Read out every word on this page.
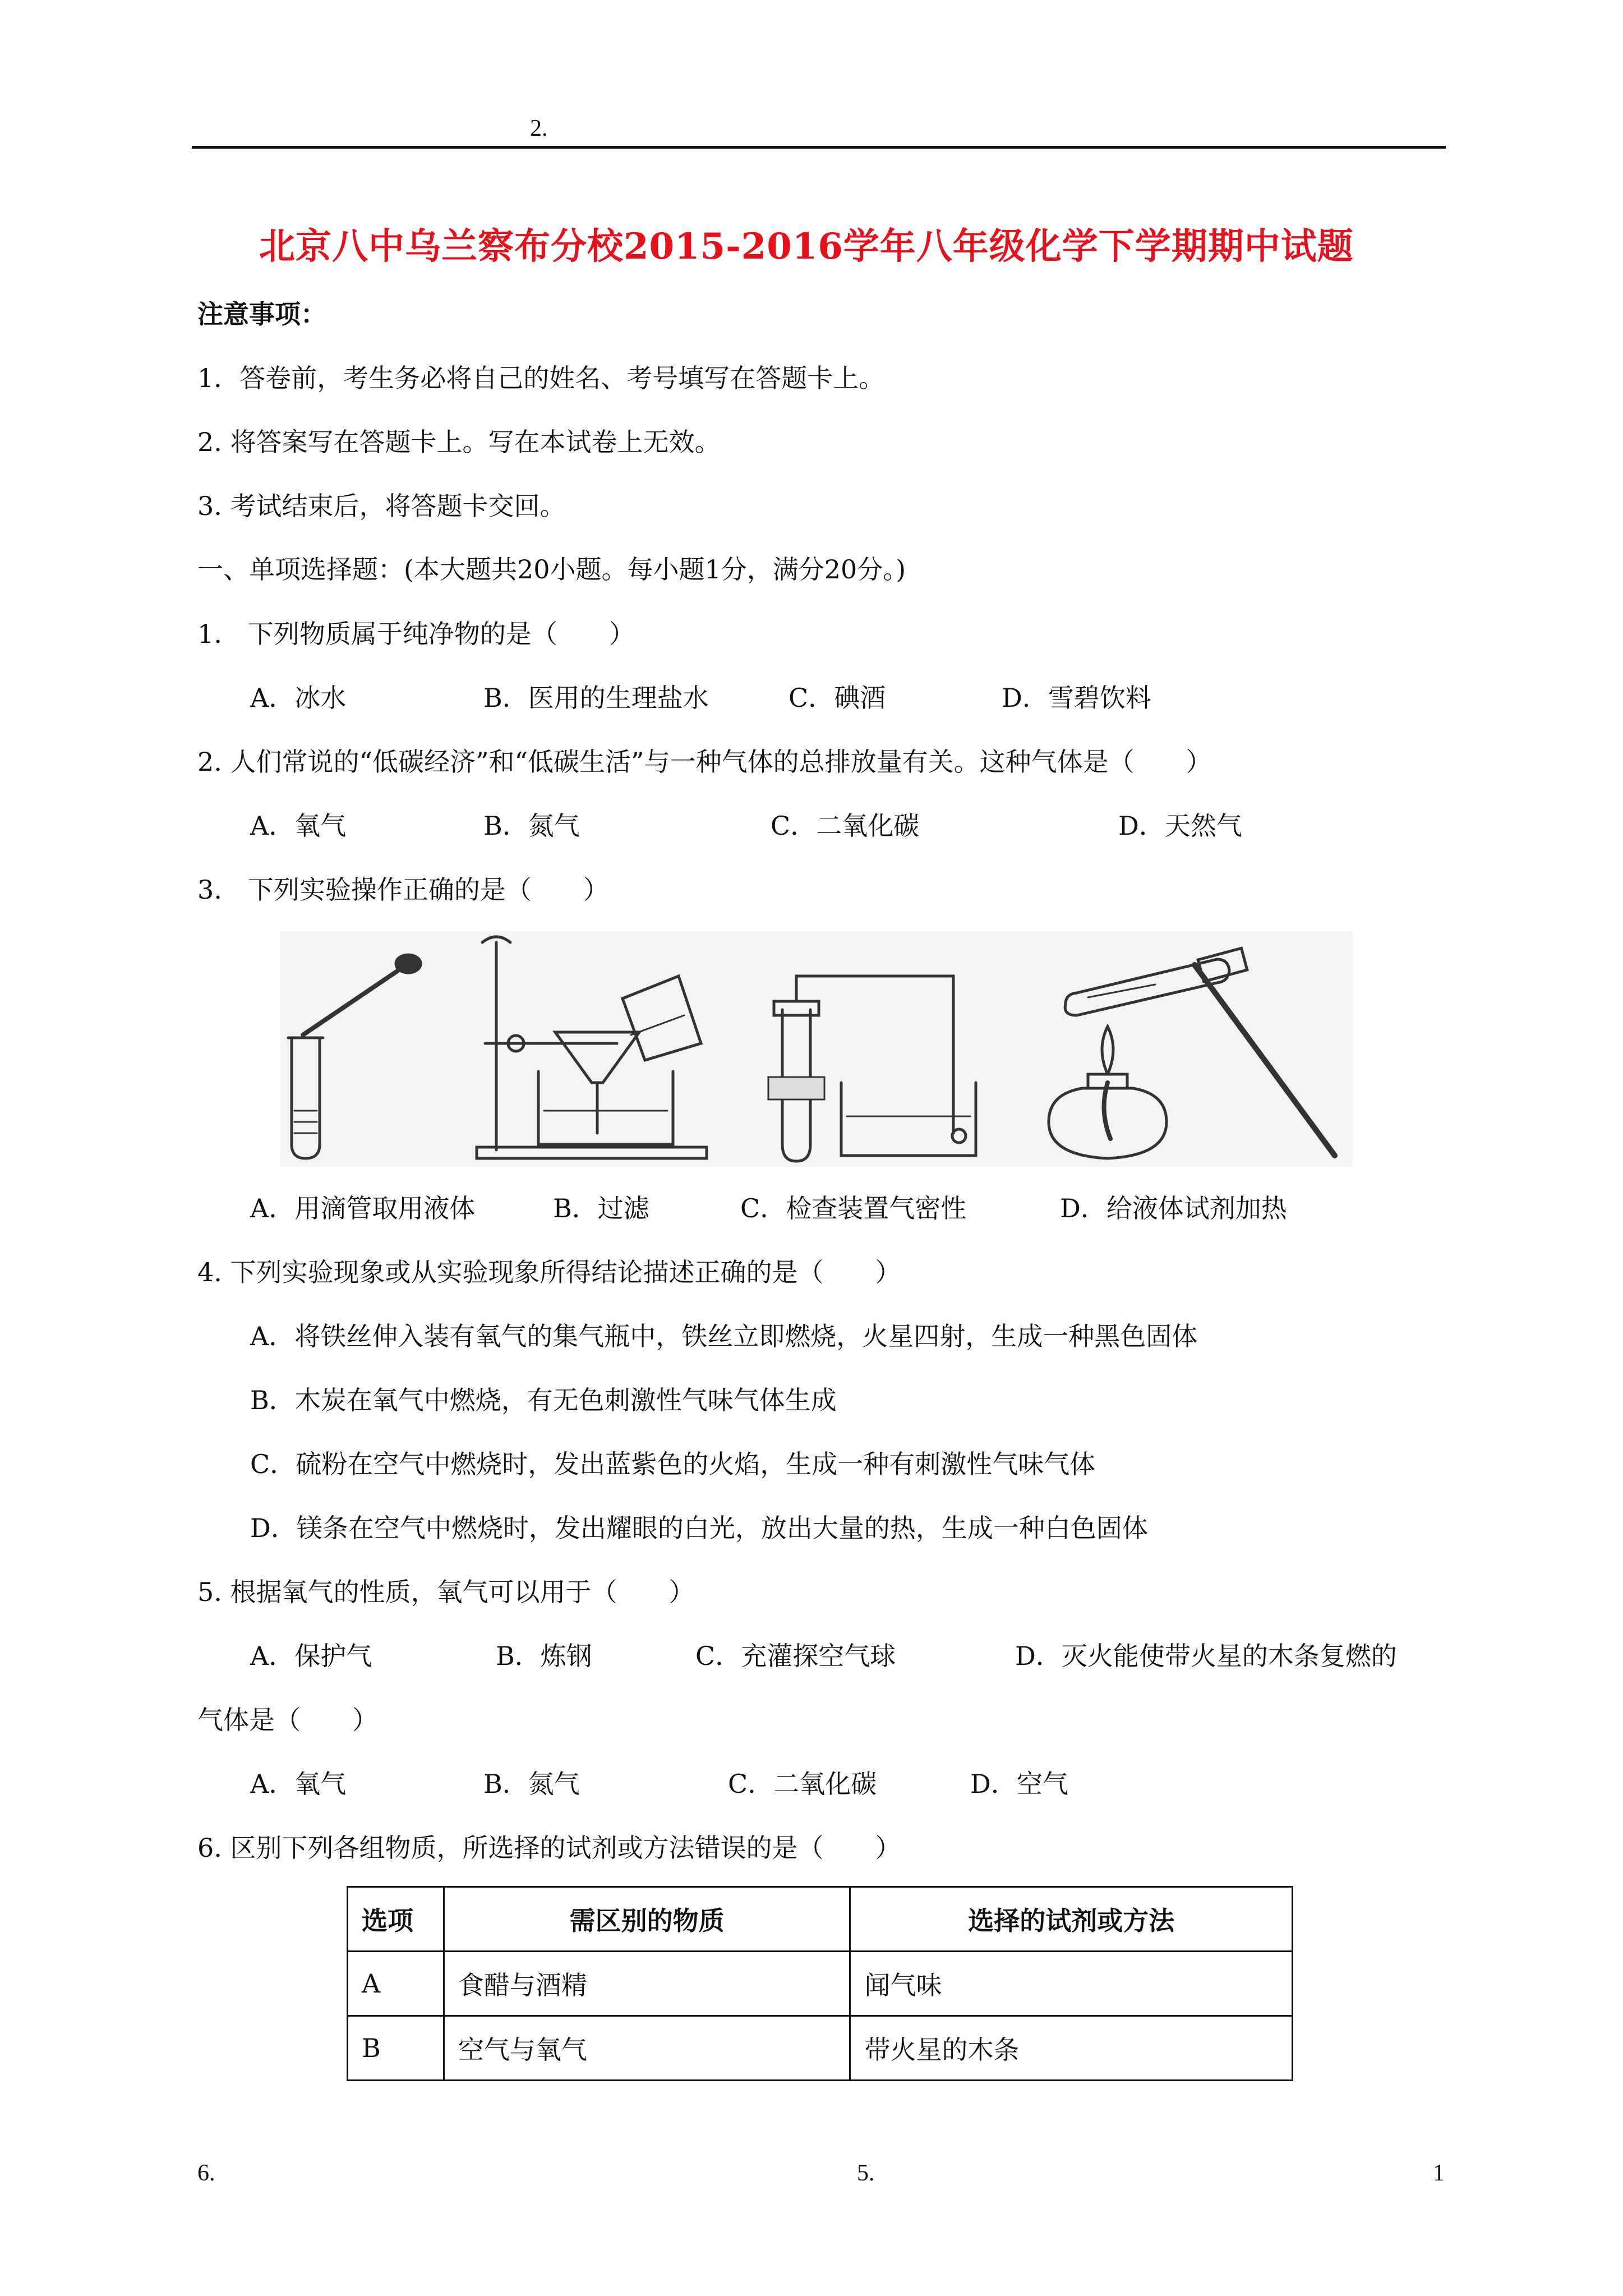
2.
北京八中乌兰察布分校2015-2016学年八年级化学下学期期中试题
注意事项：
1．答卷前，考生务必将自己的姓名、考号填写在答题卡上。
2. 将答案写在答题卡上。写在本试卷上无效。
3. 考试结束后，将答题卡交回。
一、单项选择题：(本大题共20小题。每小题1分，满分20分。)
1.　下列物质属于纯净物的是（　　）
A．冰水	B．医用的生理盐水	C．碘酒	D．雪碧饮料
2. 人们常说的“低碳经济”和“低碳生活”与一种气体的总排放量有关。这种气体是（　　）
A．氧气	B．氮气	C．二氧化碳	D．天然气
3.　下列实验操作正确的是（　　）
A．用滴管取用液体	B．过滤	C．检查装置气密性	D．给液体试剂加热
4. 下列实验现象或从实验现象所得结论描述正确的是（　　）
A．将铁丝伸入装有氧气的集气瓶中，铁丝立即燃烧，火星四射，生成一种黑色固体
B．木炭在氧气中燃烧，有无色刺激性气味气体生成
C．硫粉在空气中燃烧时，发出蓝紫色的火焰，生成一种有刺激性气味气体
D．镁条在空气中燃烧时，发出耀眼的白光，放出大量的热，生成一种白色固体
5. 根据氧气的性质，氧气可以用于（　　）
A．保护气	B．炼钢	C．充灌探空气球	D．灭火能使带火星的木条复燃的
气体是（　　）
A．氧气	B．氮气	C．二氧化碳	D．空气
6. 区别下列各组物质，所选择的试剂或方法错误的是（　　）
选项	需区别的物质	选择的试剂或方法
A	食醋与酒精	闻气味
B	空气与氧气	带火星的木条
6.	5.	1
